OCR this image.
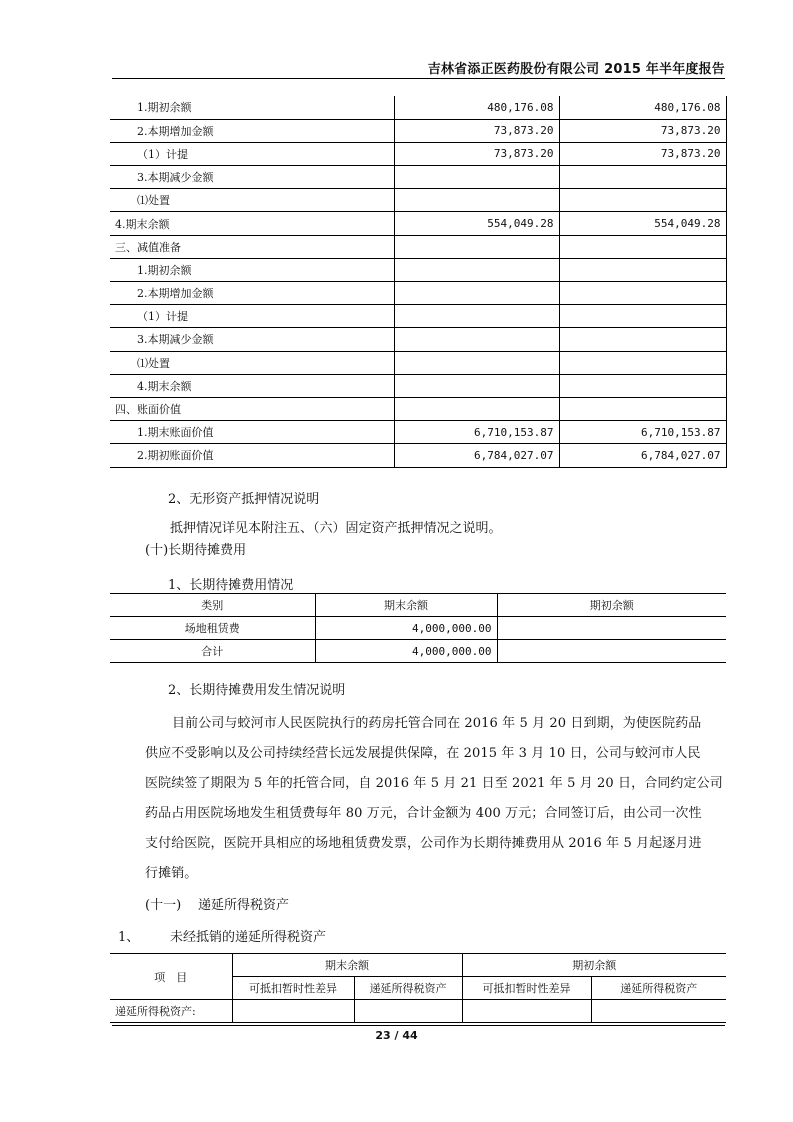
吉林省添正医药股份有限公司 2015 年半年度报告
1.期初余额	480,176.08	480,176.08
2.本期增加金额	73,873.20	73,873.20
（1）计提	73,873.20	73,873.20
3.本期减少金额		
⑴处置		
4.期末余额	554,049.28	554,049.28
三、减值准备		
1.期初余额		
2.本期增加金额		
（1）计提		
3.本期减少金额		
⑴处置		
4.期末余额		
四、账面价值		
1.期末账面价值	6,710,153.87	6,710,153.87
2.期初账面价值	6,784,027.07	6,784,027.07
2、无形资产抵押情况说明
抵押情况详见本附注五、（六）固定资产抵押情况之说明。
(十)长期待摊费用
1、长期待摊费用情况
类别	期末余额	期初余额
场地租赁费	4,000,000.00	
合计	4,000,000.00	
2、长期待摊费用发生情况说明
目前公司与蛟河市人民医院执行的药房托管合同在 2016 年 5 月 20 日到期，为使医院药品
供应不受影响以及公司持续经营长远发展提供保障，在 2015 年 3 月 10 日，公司与蛟河市人民
医院续签了期限为 5 年的托管合同，自 2016 年 5 月 21 日至 2021 年 5 月 20 日，合同约定公司
药品占用医院场地发生租赁费每年 80 万元，合计金额为 400 万元；合同签订后，由公司一次性
支付给医院，医院开具相应的场地租赁费发票，公司作为长期待摊费用从 2016 年 5 月起逐月进
行摊销。
(十一) 递延所得税资产
1、 未经抵销的递延所得税资产
项　目	期末余额		期初余额	
	可抵扣暂时性差异	递延所得税资产	可抵扣暂时性差异	递延所得税资产
递延所得税资产:				
23 / 44
